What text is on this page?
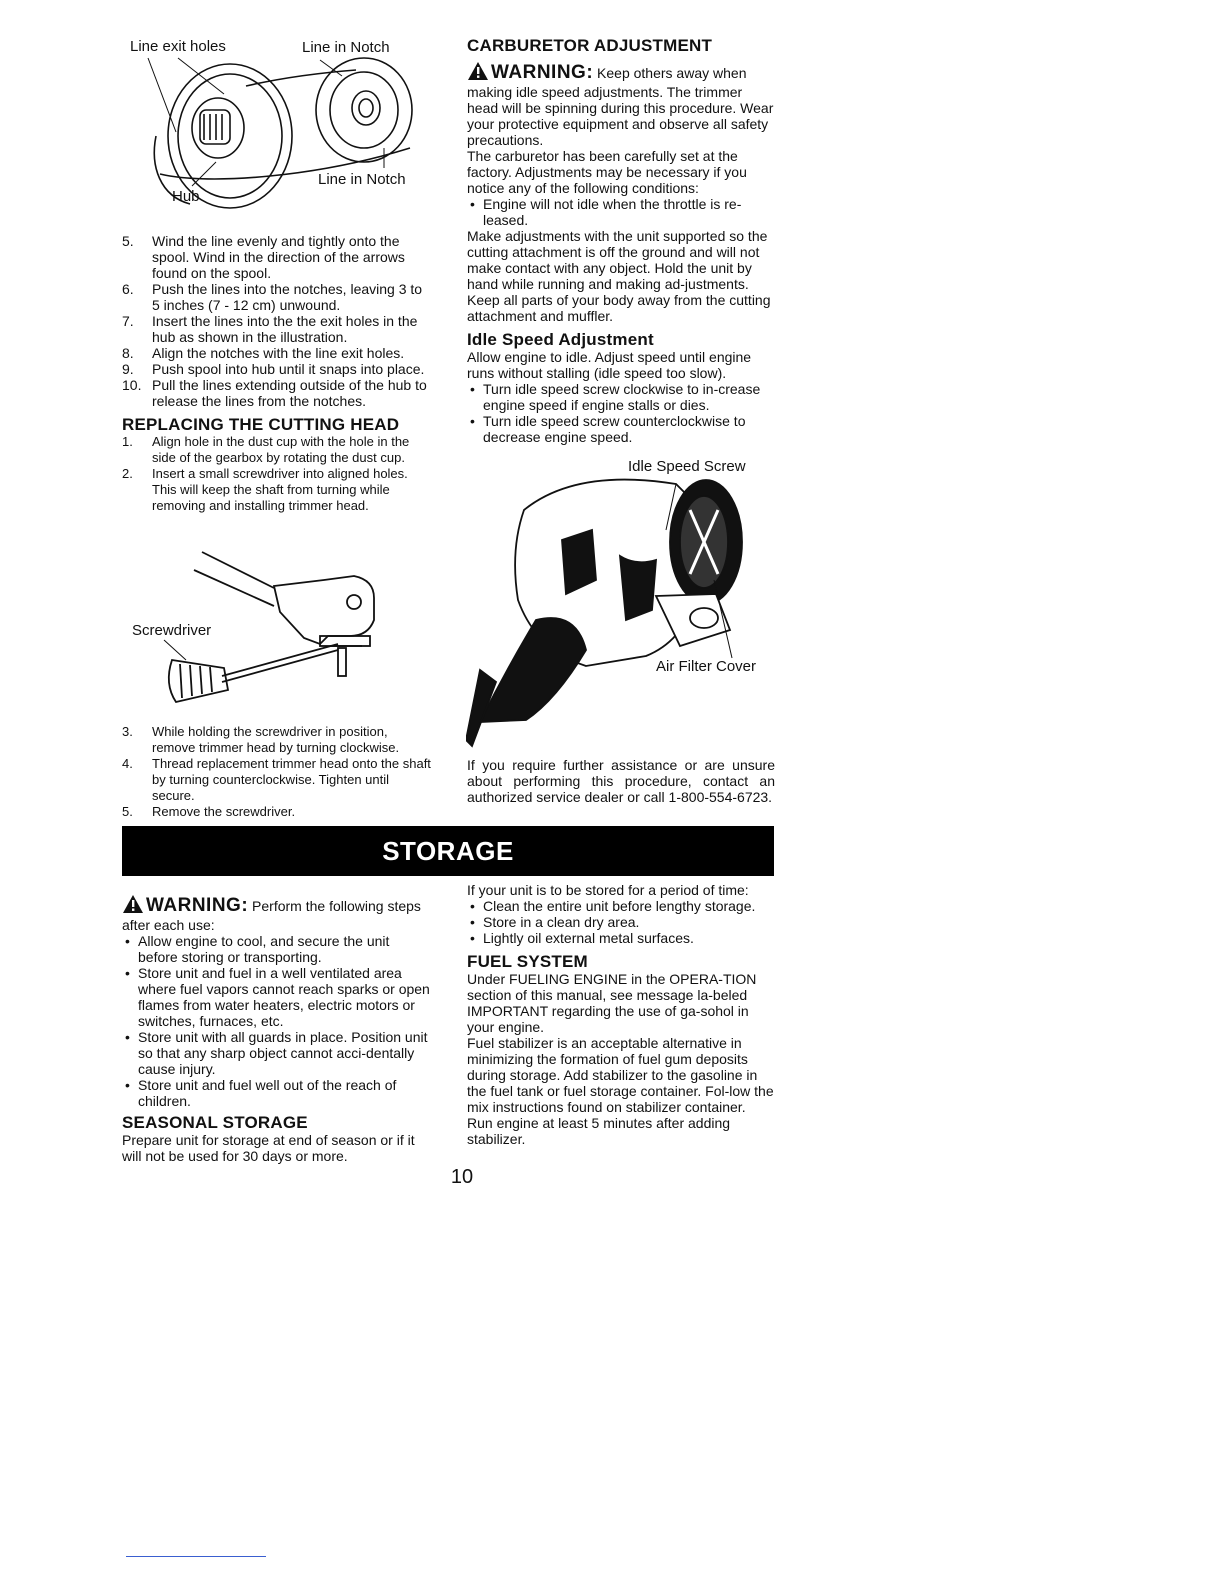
Line exit holes	Line in Notch
Line in Notch
Hub
5. Wind the line evenly and tightly onto the spool. Wind in the direction of the arrows found on the spool.
6. Push the lines into the notches, leaving 3 to 5 inches (7 - 12 cm) unwound.
7. Insert the lines into the the exit holes in the hub as shown in the illustration.
8. Align the notches with the line exit holes.
9. Push spool into hub until it snaps into place.
10. Pull the lines extending outside of the hub to release the lines from the notches.
REPLACING THE CUTTING HEAD
1. Align hole in the dust cup with the hole in the side of the gearbox by rotating the dust cup.
2. Insert a small screwdriver into aligned holes. This will keep the shaft from turning while removing and installing trimmer head.
Screwdriver
3. While holding the screwdriver in position, remove trimmer head by turning clockwise.
4. Thread replacement trimmer head onto the shaft by turning counterclockwise. Tighten until secure.
5. Remove the screwdriver.
CARBURETOR ADJUSTMENT

WARNING: Keep others away when making idle speed adjustments. The trimmer head will be spinning during this procedure. Wear your protective equipment and observe all safety precautions.

The carburetor has been carefully set at the factory. Adjustments may be necessary if you notice any of the following conditions:

• Engine will not idle when the throttle is re-leased.

Make adjustments with the unit supported so the cutting attachment is off the ground and will not make contact with any object. Hold the unit by hand while running and making ad-justments. Keep all parts of your body away from the cutting attachment and muffler.

Idle Speed Adjustment

Allow engine to idle. Adjust speed until engine runs without stalling (idle speed too slow).

• Turn idle speed screw clockwise to in-crease engine speed if engine stalls or dies.
• Turn idle speed screw counterclockwise to decrease engine speed.
Idle Speed Screw
Air Filter Cover

If you require further assistance or are unsure about performing this procedure, contact an authorized service dealer or call 1-800-554-6723.

STORAGE

WARNING: Perform the following steps after each use:

• Allow engine to cool, and secure the unit before storing or transporting.
• Store unit and fuel in a well ventilated area where fuel vapors cannot reach sparks or open flames from water heaters, electric motors or switches, furnaces, etc.
• Store unit with all guards in place. Position unit so that any sharp object cannot acci-dentally cause injury.
• Store unit and fuel well out of the reach of children.
SEASONAL STORAGE

Prepare unit for storage at end of season or if it will not be used for 30 days or more.

If your unit is to be stored for a period of time:

• Clean the entire unit before lengthy storage.
• Store in a clean dry area.
• Lightly oil external metal surfaces.
FUEL SYSTEM

Under FUELING ENGINE in the OPERA-TION section of this manual, see message la-beled IMPORTANT regarding the use of ga-sohol in your engine.

Fuel stabilizer is an acceptable alternative in minimizing the formation of fuel gum deposits during storage. Add stabilizer to the gasoline in the fuel tank or fuel storage container. Fol-low the mix instructions found on stabilizer container. Run engine at least 5 minutes after adding stabilizer.

10
